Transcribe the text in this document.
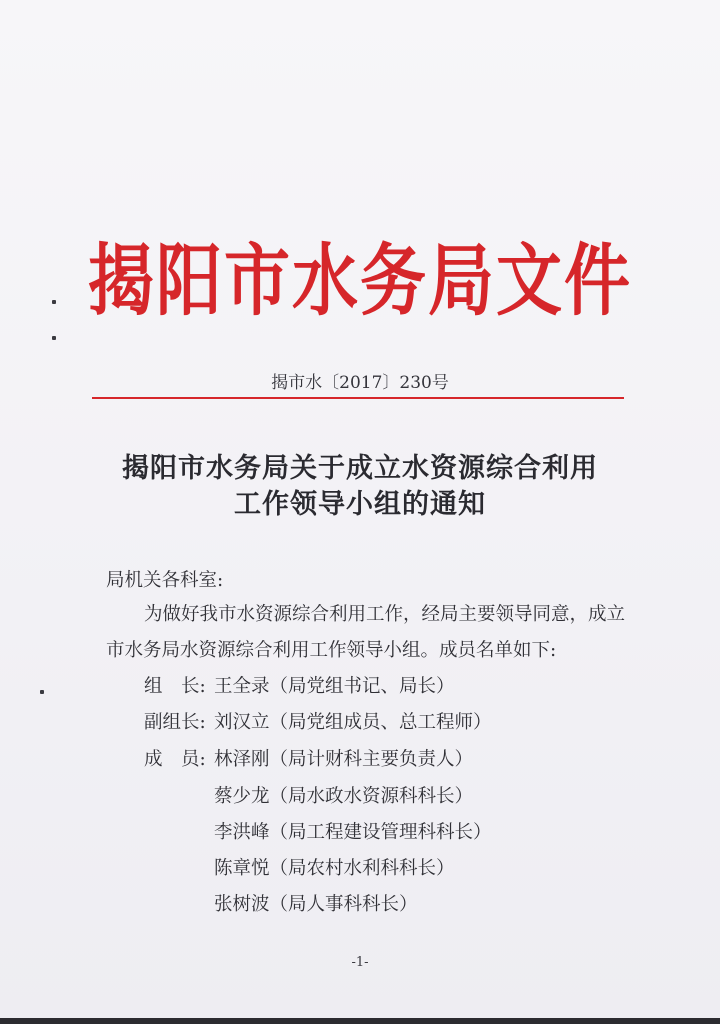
揭阳市水务局文件
揭市水〔2017〕230号
揭阳市水务局关于成立水资源综合利用
工作领导小组的通知
局机关各科室:
为做好我市水资源综合利用工作，经局主要领导同意，成立
市水务局水资源综合利用工作领导小组。成员名单如下:
组　长: 王全录（局党组书记、局长）
副组长: 刘汉立（局党组成员、总工程师）
成　员: 林泽刚（局计财科主要负责人）
蔡少龙（局水政水资源科科长）
李洪峰（局工程建设管理科科长）
陈章悦（局农村水利科科长）
张树波（局人事科科长）
-1-
